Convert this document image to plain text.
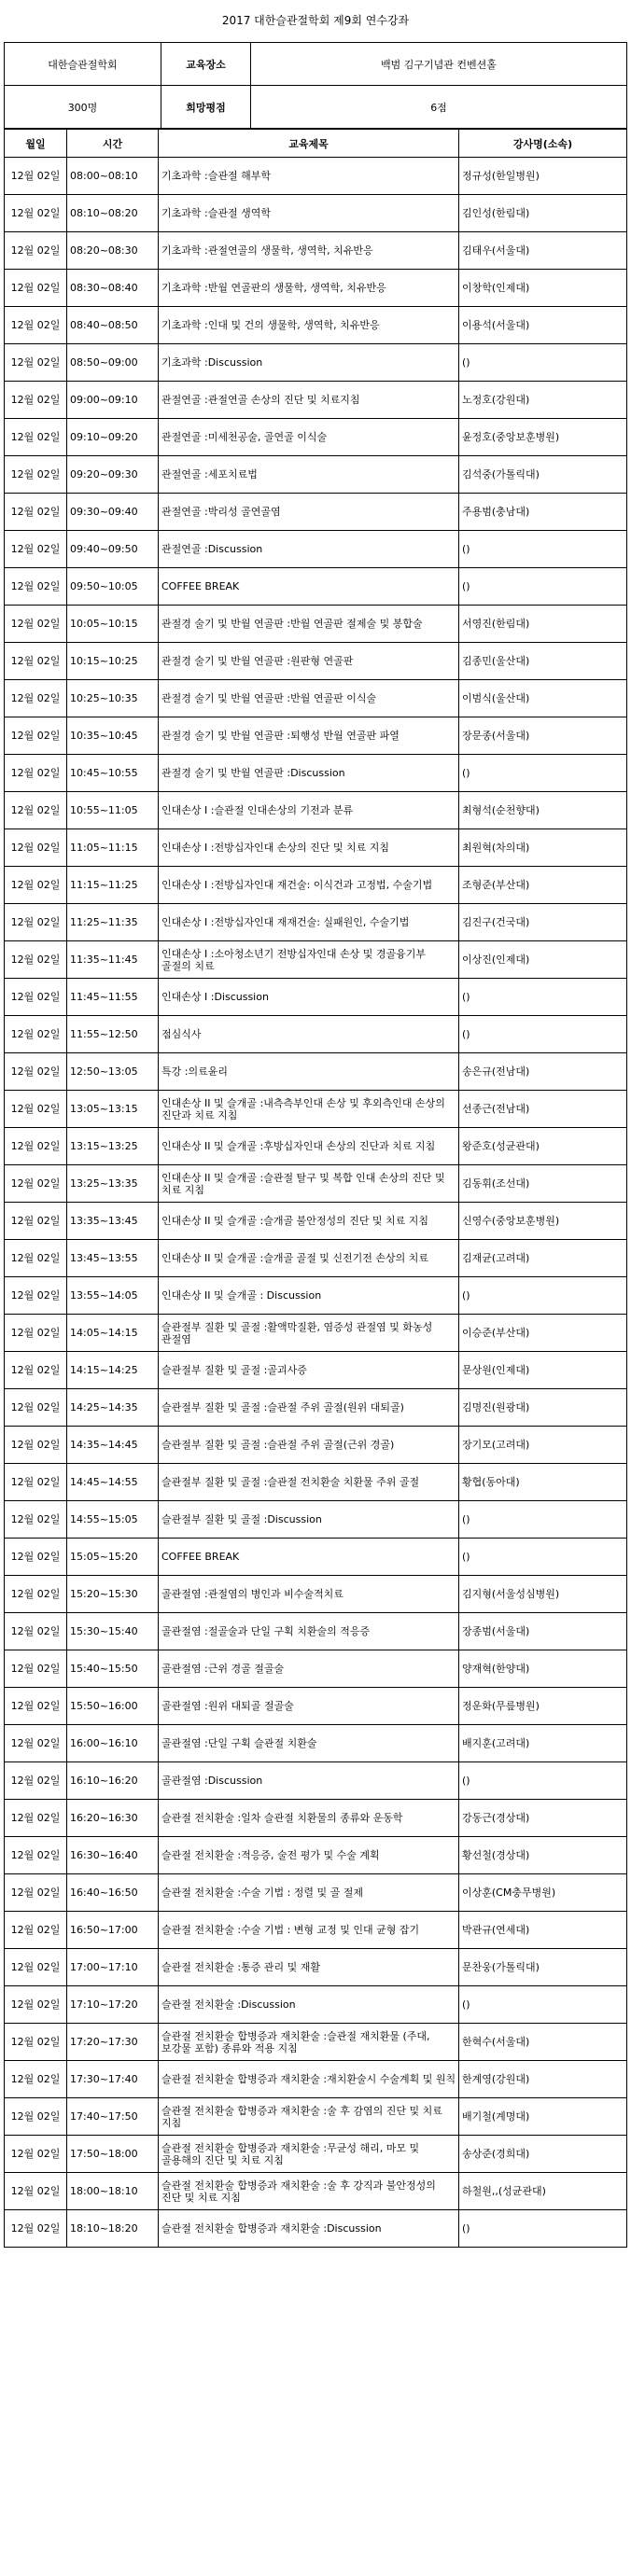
2017 대한슬관절학회 제9회 연수강좌
대한슬관절학회	교육장소	백범 김구기념관 컨벤션홀
300명	희망평점	6점
월일	시간	교육제목	강사명(소속)
12월 02일	08:00~08:10	기초과학 :슬관절 해부학	정규성(한일병원)
12월 02일	08:10~08:20	기초과학 :슬관절 생역학	김인성(한림대)
12월 02일	08:20~08:30	기초과학 :관절연골의 생물학, 생역학, 치유반응	김태우(서울대)
12월 02일	08:30~08:40	기초과학 :반월 연골판의 생물학, 생역학, 치유반응	이창학(인제대)
12월 02일	08:40~08:50	기초과학 :인대 및 건의 생물학, 생역학, 치유반응	이용석(서울대)
12월 02일	08:50~09:00	기초과학 :Discussion	()
12월 02일	09:00~09:10	관절연골 :관절연골 손상의 진단 및 치료지침	노정호(강원대)
12월 02일	09:10~09:20	관절연골 :미세천공술, 골연골 이식술	윤정호(중앙보훈병원)
12월 02일	09:20~09:30	관절연골 :세포치료법	김석중(가톨릭대)
12월 02일	09:30~09:40	관절연골 :박리성 골연골염	주용범(충남대)
12월 02일	09:40~09:50	관절연골 :Discussion	()
12월 02일	09:50~10:05	COFFEE BREAK	()
12월 02일	10:05~10:15	관절경 술기 및 반월 연골판 :반월 연골판 절제술 및 봉합술	서영진(한림대)
12월 02일	10:15~10:25	관절경 술기 및 반월 연골판 :원판형 연골판	김종민(울산대)
12월 02일	10:25~10:35	관절경 술기 및 반월 연골판 :반월 연골판 이식술	이범식(울산대)
12월 02일	10:35~10:45	관절경 술기 및 반월 연골판 :퇴행성 반월 연골판 파열	장문종(서울대)
12월 02일	10:45~10:55	관절경 술기 및 반월 연골판 :Discussion	()
12월 02일	10:55~11:05	인대손상 I :슬관절 인대손상의 기전과 분류	최형석(순천향대)
12월 02일	11:05~11:15	인대손상 I :전방십자인대 손상의 진단 및 치료 지침	최원혁(차의대)
12월 02일	11:15~11:25	인대손상 I :전방십자인대 재건술: 이식건과 고정법, 수술기법	조형준(부산대)
12월 02일	11:25~11:35	인대손상 I :전방십자인대 재재건술: 실패원인, 수술기법	김진구(건국대)
12월 02일	11:35~11:45	인대손상 I :소아청소년기 전방십자인대 손상 및 경골융기부 골절의 치료	이상진(인제대)
12월 02일	11:45~11:55	인대손상 I :Discussion	()
12월 02일	11:55~12:50	점심식사	()
12월 02일	12:50~13:05	특강 :의료윤리	송은규(전남대)
12월 02일	13:05~13:15	인대손상 II 및 슬개골 :내측측부인대 손상 및 후외측인대 손상의 진단과 치료 지침	선종근(전남대)
12월 02일	13:15~13:25	인대손상 II 및 슬개골 :후방십자인대 손상의 진단과 치료 지침	왕준호(성균관대)
12월 02일	13:25~13:35	인대손상 II 및 슬개골 :슬관절 탈구 및 복합 인대 손상의 진단 및 치료 지침	김동휘(조선대)
12월 02일	13:35~13:45	인대손상 II 및 슬개골 :슬개골 불안정성의 진단 및 치료 지침	신영수(중앙보훈병원)
12월 02일	13:45~13:55	인대손상 II 및 슬개골 :슬개골 골절 및 신전기전 손상의 치료	김재균(고려대)
12월 02일	13:55~14:05	인대손상 II 및 슬개골 : Discussion	()
12월 02일	14:05~14:15	슬관절부 질환 및 골절 :활액막질환, 염증성 관절염 및 화농성 관절염	이승준(부산대)
12월 02일	14:15~14:25	슬관절부 질환 및 골절 :골괴사증	문상원(인제대)
12월 02일	14:25~14:35	슬관절부 질환 및 골절 :슬관절 주위 골절(원위 대퇴골)	김명진(원광대)
12월 02일	14:35~14:45	슬관절부 질환 및 골절 :슬관절 주위 골절(근위 경골)	장기모(고려대)
12월 02일	14:45~14:55	슬관절부 질환 및 골절 :슬관절 전치환술 치환물 주위 골절	황협(동아대)
12월 02일	14:55~15:05	슬관절부 질환 및 골절 :Discussion	()
12월 02일	15:05~15:20	COFFEE BREAK	()
12월 02일	15:20~15:30	골관절염 :관절염의 병인과 비수술적치료	김지형(서울성심병원)
12월 02일	15:30~15:40	골관절염 :절골술과 단일 구획 치환술의 적응증	장종범(서울대)
12월 02일	15:40~15:50	골관절염 :근위 경골 절골술	양재혁(한양대)
12월 02일	15:50~16:00	골관절염 :원위 대퇴골 절골술	정운화(무릎병원)
12월 02일	16:00~16:10	골관절염 :단일 구획 슬관절 치환술	배지훈(고려대)
12월 02일	16:10~16:20	골관절염 :Discussion	()
12월 02일	16:20~16:30	슬관절 전치환술 :일차 슬관절 치환물의 종류와 운동학	강동근(경상대)
12월 02일	16:30~16:40	슬관절 전치환술 :적응증, 술전 평가 및 수술 계획	황선철(경상대)
12월 02일	16:40~16:50	슬관절 전치환술 :수술 기법 : 정렬 및 골 절제	이상훈(CM충무병원)
12월 02일	16:50~17:00	슬관절 전치환술 :수술 기법 : 변형 교정 및 인대 균형 잡기	박관규(연세대)
12월 02일	17:00~17:10	슬관절 전치환술 :통증 관리 및 재활	문찬웅(가톨릭대)
12월 02일	17:10~17:20	슬관절 전치환술 :Discussion	()
12월 02일	17:20~17:30	슬관절 전치환술 합병증과 재치환술 :슬관절 재치환물 (주대, 보강물 포함) 종류와 적용 지침	한혁수(서울대)
12월 02일	17:30~17:40	슬관절 전치환술 합병증과 재치환술 :재치환술시 수술계획 및 원칙	한계영(강원대)
12월 02일	17:40~17:50	슬관절 전치환술 합병증과 재치환술 :술 후 감염의 진단 및 치료 지침	배기철(계명대)
12월 02일	17:50~18:00	슬관절 전치환술 합병증과 재치환술 :무균성 해리, 마모 및 골용해의 진단 및 치료 지침	송상준(경희대)
12월 02일	18:00~18:10	슬관절 전치환술 합병증과 재치환술 :술 후 강직과 불안정성의 진단 및 치료 지침	하철원,,(성균관대)
12월 02일	18:10~18:20	슬관절 전치환술 합병증과 재치환술 :Discussion	()
